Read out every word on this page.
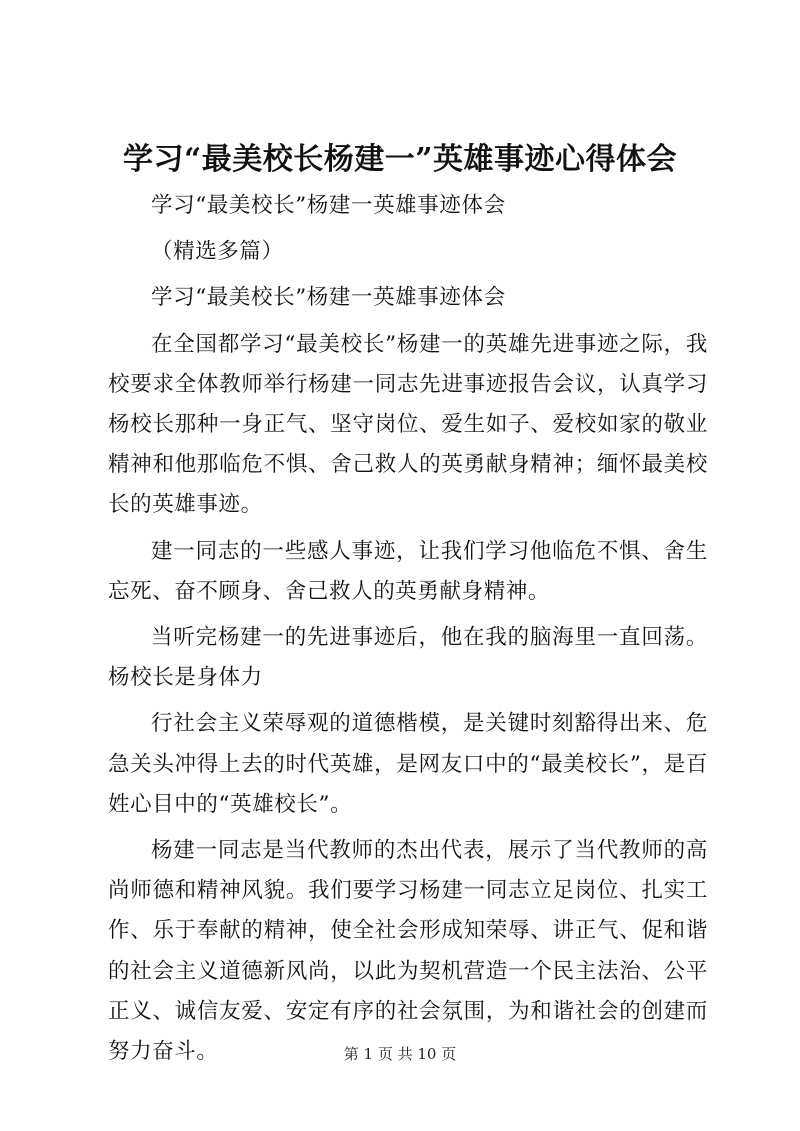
学习“最美校长杨建一”英雄事迹心得体会

学习“最美校长”杨建一英雄事迹体会

（精选多篇）

学习“最美校长”杨建一英雄事迹体会

在全国都学习“最美校长”杨建一的英雄先进事迹之际，我校要求全体教师举行杨建一同志先进事迹报告会议，认真学习杨校长那种一身正气、坚守岗位、爱生如子、爱校如家的敬业精神和他那临危不惧、舍己救人的英勇献身精神；缅怀最美校长的英雄事迹。

建一同志的一些感人事迹，让我们学习他临危不惧、舍生忘死、奋不顾身、舍己救人的英勇献身精神。

当听完杨建一的先进事迹后，他在我的脑海里一直回荡。杨校长是身体力

行社会主义荣辱观的道德楷模，是关键时刻豁得出来、危急关头冲得上去的时代英雄，是网友口中的“最美校长”，是百姓心目中的“英雄校长”。

杨建一同志是当代教师的杰出代表，展示了当代教师的高尚师德和精神风貌。我们要学习杨建一同志立足岗位、扎实工作、乐于奉献的精神，使全社会形成知荣辱、讲正气、促和谐的社会主义道德新风尚，以此为契机营造一个民主法治、公平正义、诚信友爱、安定有序的社会氛围，为和谐社会的创建而努力奋斗。	第 1 页 共 10 页
